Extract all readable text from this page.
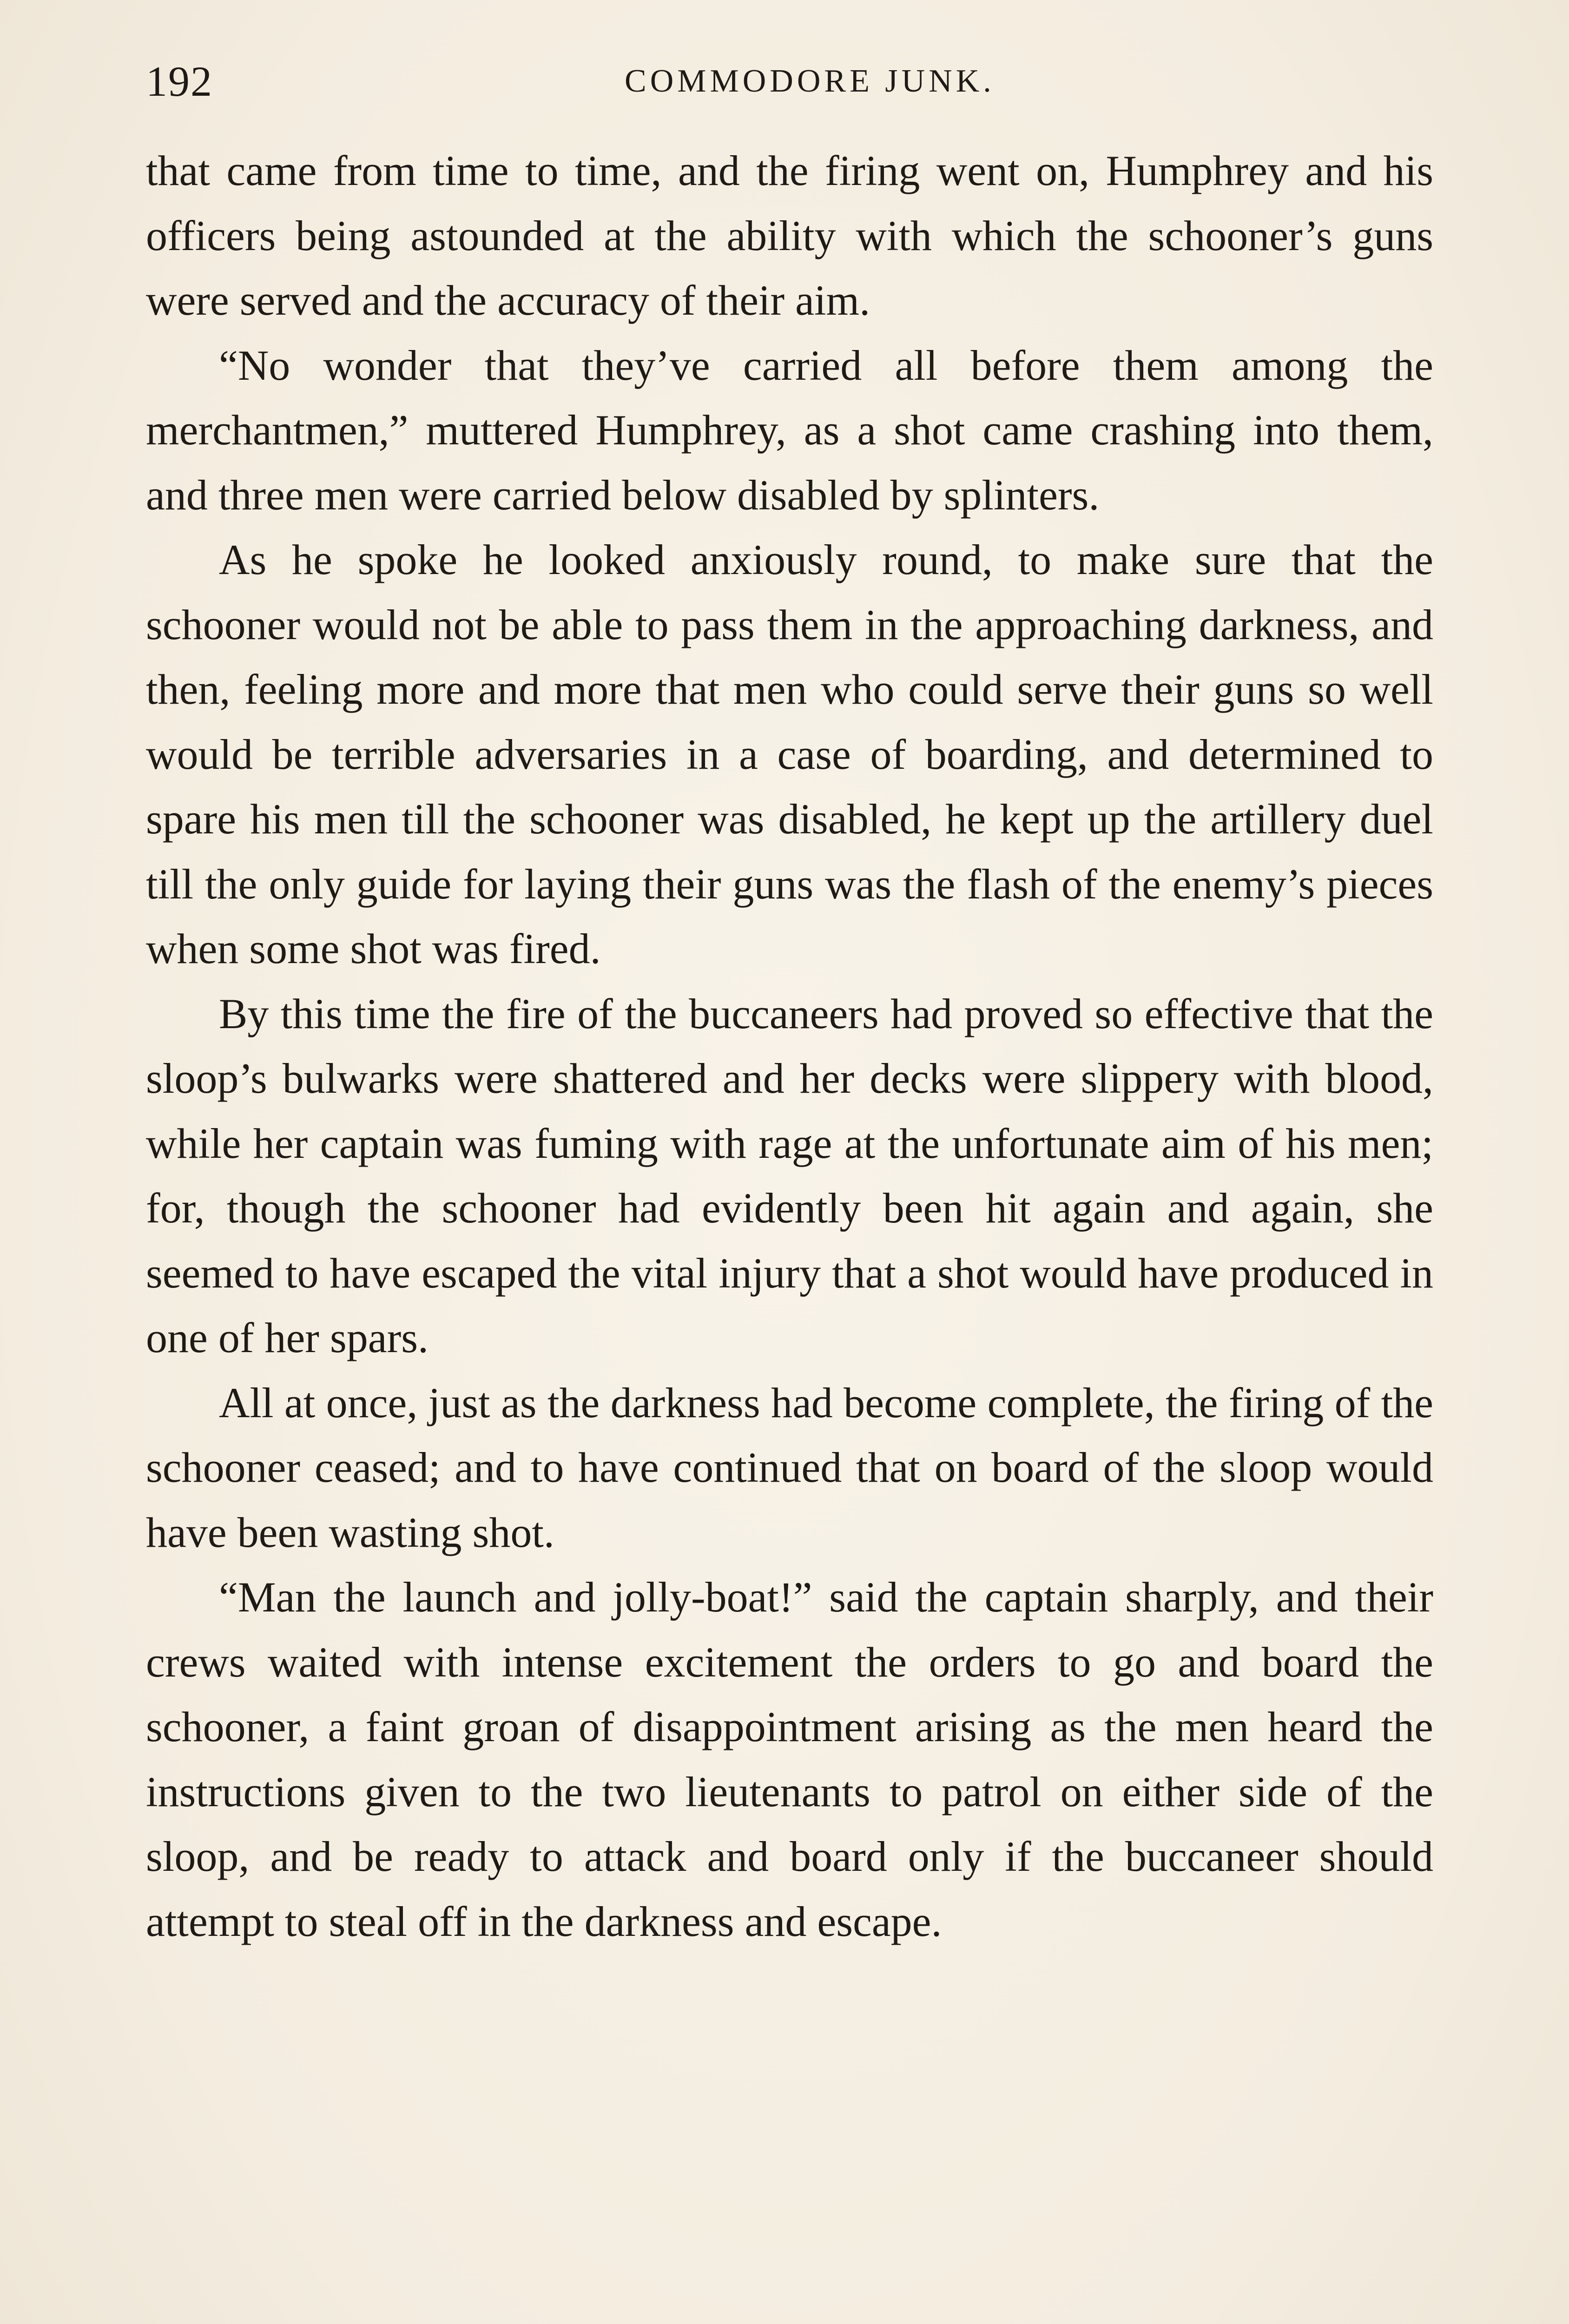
192	COMMODORE JUNK.

that came from time to time, and the firing went on, Humphrey and his officers being astounded at the ability with which the schooner’s guns were served and the accuracy of their aim.

“No wonder that they’ve carried all before them among the merchantmen,” muttered Humphrey, as a shot came crashing into them, and three men were carried below disabled by splinters.

As he spoke he looked anxiously round, to make sure that the schooner would not be able to pass them in the approaching darkness, and then, feeling more and more that men who could serve their guns so well would be terrible adversaries in a case of boarding, and determined to spare his men till the schooner was disabled, he kept up the artillery duel till the only guide for laying their guns was the flash of the enemy’s pieces when some shot was fired.

By this time the fire of the buccaneers had proved so effective that the sloop’s bulwarks were shattered and her decks were slippery with blood, while her captain was fuming with rage at the unfortunate aim of his men; for, though the schooner had evidently been hit again and again, she seemed to have escaped the vital injury that a shot would have produced in one of her spars.

All at once, just as the darkness had become complete, the firing of the schooner ceased; and to have continued that on board of the sloop would have been wasting shot.

“Man the launch and jolly-boat!” said the captain sharply, and their crews waited with intense excitement the orders to go and board the schooner, a faint groan of disappointment arising as the men heard the instructions given to the two lieutenants to patrol on either side of the sloop, and be ready to attack and board only if the buccaneer should attempt to steal off in the darkness and escape.
